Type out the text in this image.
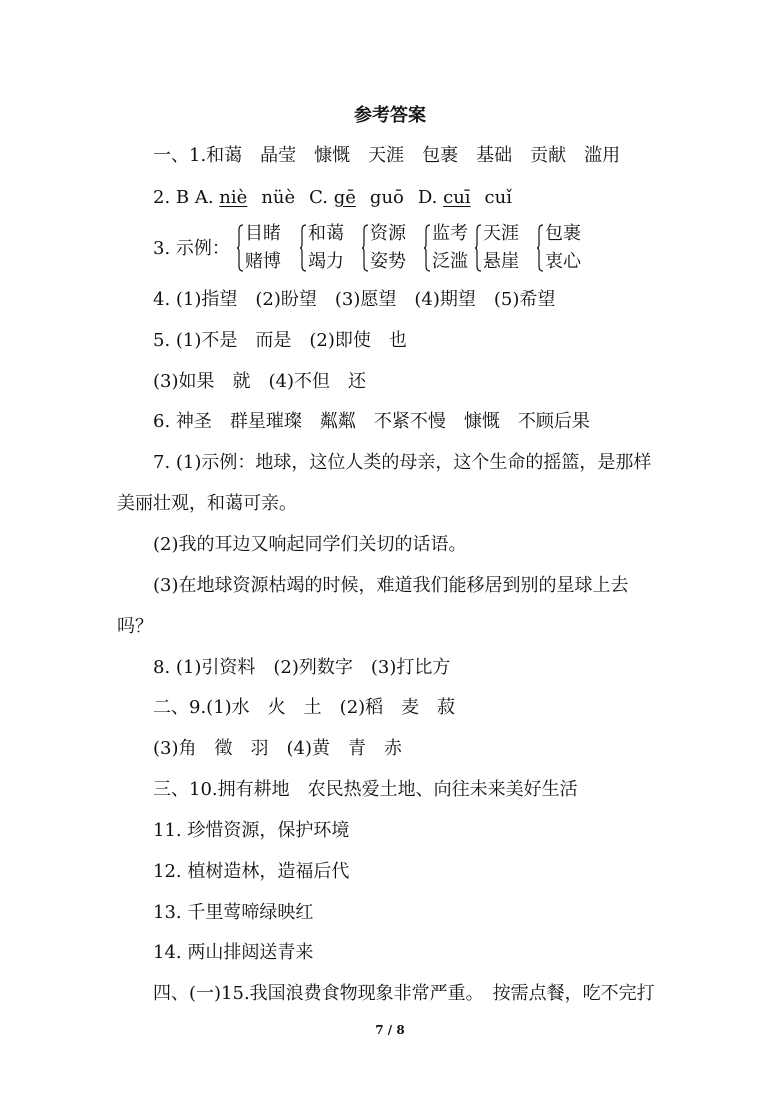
参考答案
一、1.和蔼　晶莹　慷慨　天涯　包裹　基础　贡献　滥用
2. B A. niè nüè C. gē guō D. cuī cuǐ
3. 示例：
目睹
赌博
和蔼
竭力
资源
姿势
监考
泛滥
天涯
悬崖
包裹
衷心
4. (1)指望　(2)盼望　(3)愿望　(4)期望　(5)希望
5. (1)不是　而是　(2)即使　也
(3)如果　就　(4)不但　还
6. 神圣　群星璀璨　粼粼　不紧不慢　慷慨　不顾后果
7. (1)示例：地球，这位人类的母亲，这个生命的摇篮，是那样
美丽壮观，和蔼可亲。
(2)我的耳边又响起同学们关切的话语。
(3)在地球资源枯竭的时候，难道我们能移居到别的星球上去
吗？
8. (1)引资料　(2)列数字　(3)打比方
二、9.(1)水　火　土　(2)稻　麦　菽
(3)角　徵　羽　(4)黄　青　赤
三、10.拥有耕地　农民热爱土地、向往未来美好生活
11. 珍惜资源，保护环境
12. 植树造林，造福后代
13. 千里莺啼绿映红
14. 两山排闼送青来
四、(一)15.我国浪费食物现象非常严重。　按需点餐，吃不完打
7 / 8
